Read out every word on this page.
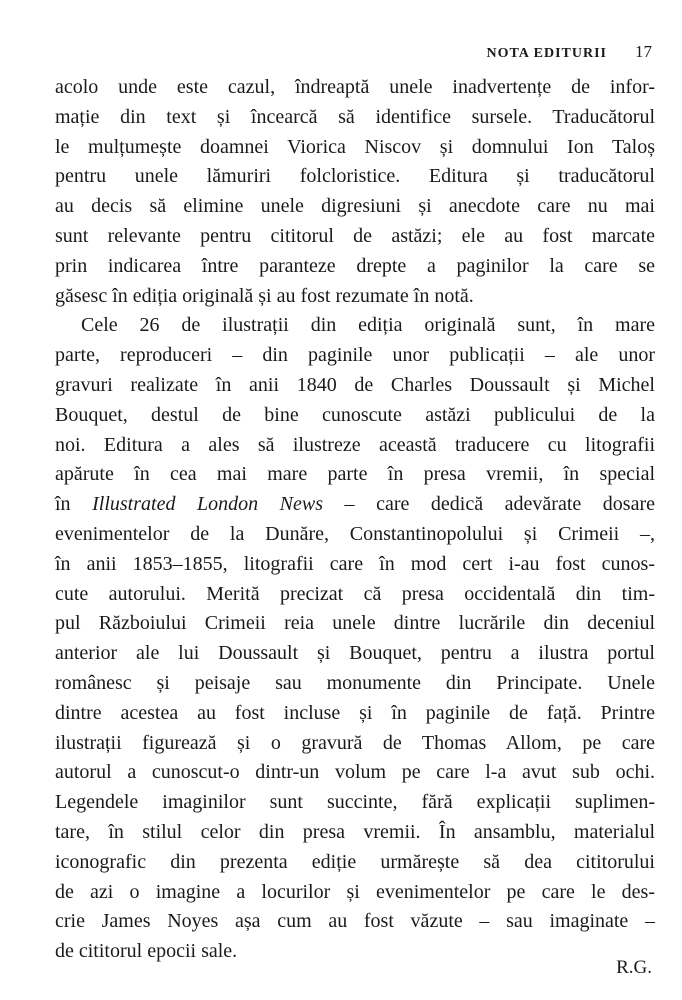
NOTA EDITURII 17
acolo unde este cazul, îndreaptă unele inadvertențe de infor-
mație din text și încearcă să identifice sursele. Traducătorul
le mulțumește doamnei Viorica Niscov și domnului Ion Taloș
pentru unele lămuriri folcloristice. Editura și traducătorul
au decis să elimine unele digresiuni și anecdote care nu mai
sunt relevante pentru cititorul de astăzi; ele au fost marcate
prin indicarea între paranteze drepte a paginilor la care se
găsesc în ediția originală și au fost rezumate în notă.
Cele 26 de ilustrații din ediția originală sunt, în mare
parte, reproduceri – din paginile unor publicații – ale unor
gravuri realizate în anii 1840 de Charles Doussault și Michel
Bouquet, destul de bine cunoscute astăzi publicului de la
noi. Editura a ales să ilustreze această traducere cu litografii
apărute în cea mai mare parte în presa vremii, în special
în Illustrated London News – care dedică adevărate dosare
evenimentelor de la Dunăre, Constantinopolului și Crimeii –,
în anii 1853–1855, litografii care în mod cert i-au fost cunos-
cute autorului. Merită precizat că presa occidentală din tim-
pul Războiului Crimeii reia unele dintre lucrările din deceniul
anterior ale lui Doussault și Bouquet, pentru a ilustra portul
românesc și peisaje sau monumente din Principate. Unele
dintre acestea au fost incluse și în paginile de față. Printre
ilustrații figurează și o gravură de Thomas Allom, pe care
autorul a cunoscut-o dintr-un volum pe care l-a avut sub ochi.
Legendele imaginilor sunt succinte, fără explicații suplimen-
tare, în stilul celor din presa vremii. În ansamblu, materialul
iconografic din prezenta ediție urmărește să dea cititorului
de azi o imagine a locurilor și evenimentelor pe care le des-
crie James Noyes așa cum au fost văzute – sau imaginate –
de cititorul epocii sale.
R.G.
